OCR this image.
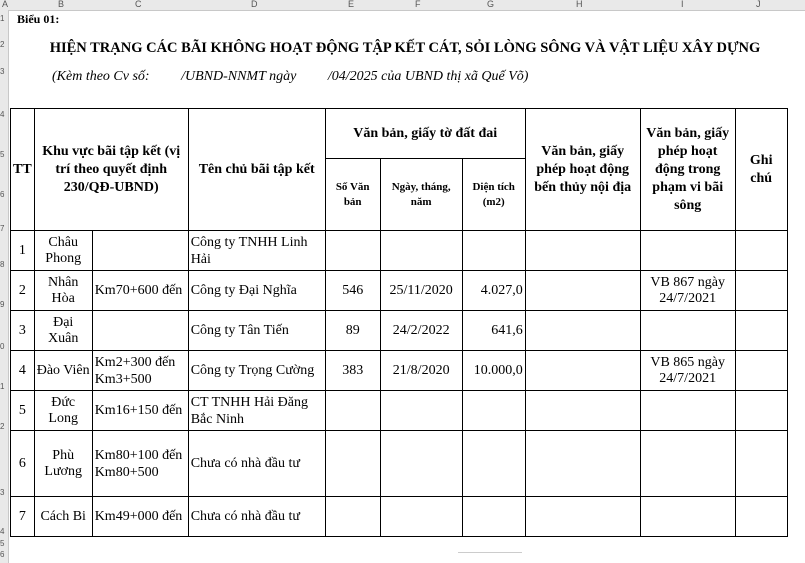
A	B	C	D	E	F	G	H	I	J
1
2
3
4
5
6
7
8
9
0
1
2
3
4
5
6
Biểu 01:
HIỆN TRẠNG CÁC BÃI KHÔNG HOẠT ĐỘNG TẬP KẾT CÁT, SỎI LÒNG SÔNG VÀ VẬT LIỆU XÂY DỰNG
(Kèm theo Cv số:         /UBND-NNMT ngày         /04/2025 của UBND thị xã Quế Võ)
TT	Khu vực bãi tập kết (vị trí theo quyết định 230/QĐ-UBND)		Tên chủ bãi tập kết	Văn bản, giấy tờ đất đai			Văn bản, giấy phép hoạt động bến thủy nội địa	Văn bản, giấy phép hoạt động trong phạm vi bãi sông	Ghi chú
				Số Văn bản	Ngày, tháng, năm	Diện tích (m2)			
1	Châu Phong		Công ty TNHH Linh Hải						
2	Nhân Hòa	Km70+600 đến	Công ty Đại Nghĩa	546	25/11/2020	4.027,0		VB 867 ngày 24/7/2021	
3	Đại Xuân		Công ty Tân Tiến	89	24/2/2022	641,6			
4	Đào Viên	Km2+300 đến Km3+500	Công ty Trọng Cường	383	21/8/2020	10.000,0		VB 865 ngày 24/7/2021	
5	Đức Long	Km16+150 đến	CT TNHH Hải Đăng Bắc Ninh						
6	Phù Lương	Km80+100 đến Km80+500	Chưa có nhà đầu tư						
7	Cách Bi	Km49+000 đến	Chưa có nhà đầu tư						
